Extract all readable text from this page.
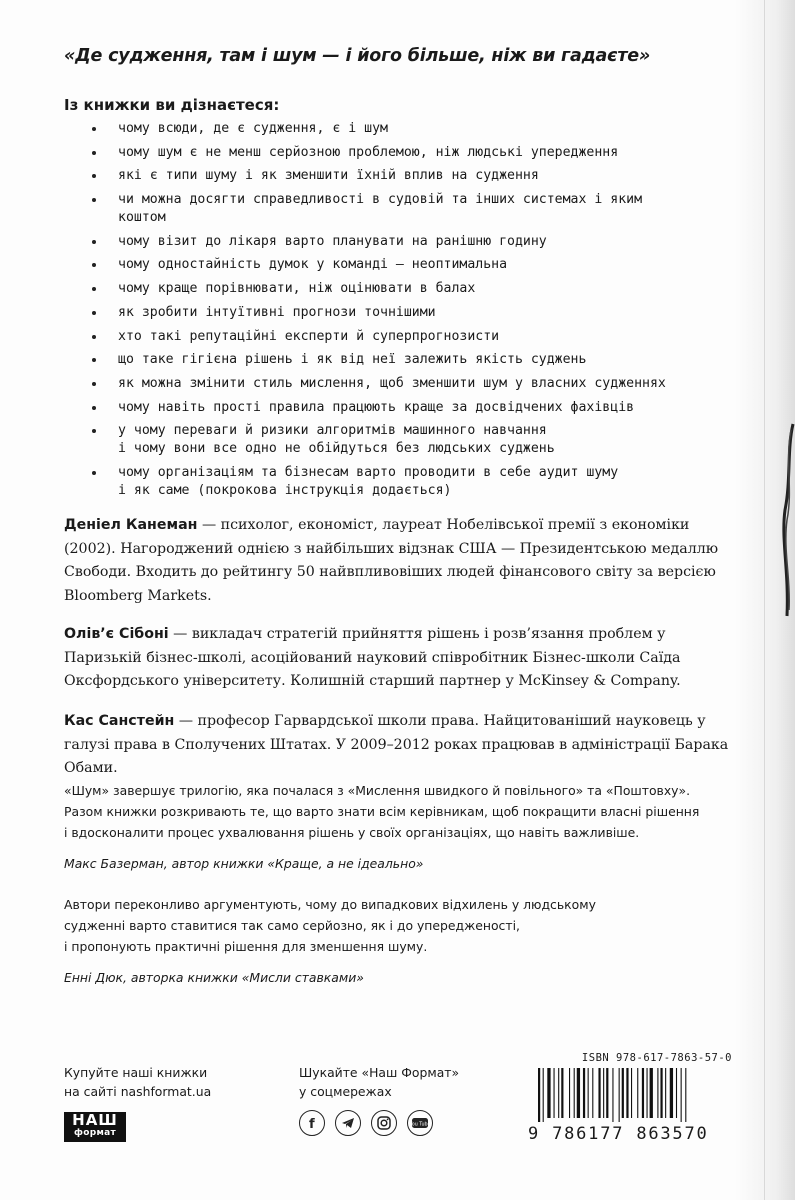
«Де судження, там і шум — і його більше, ніж ви гадаєте»
Із книжки ви дізнаєтеся:
чому всюди, де є судження, є і шум
чому шум є не менш серйозною проблемою, ніж людські упередження
які є типи шуму і як зменшити їхній вплив на судження
чи можна досягти справедливості в судовій та інших системах і яким коштом
чому візит до лікаря варто планувати на ранішню годину
чому одностайність думок у команді — неоптимальна
чому краще порівнювати, ніж оцінювати в балах
як зробити інтуїтивні прогнози точнішими
хто такі репутаційні експерти й суперпрогнозисти
що таке гігієна рішень і як від неї залежить якість суджень
як можна змінити стиль мислення, щоб зменшити шум у власних судженнях
чому навіть прості правила працюють краще за досвідчених фахівців
у чому переваги й ризики алгоритмів машинного навчання
і чому вони все одно не обійдуться без людських суджень
чому організаціям та бізнесам варто проводити в себе аудит шуму
і як саме (покрокова інструкція додається)
Деніел Канеман — психолог, економіст, лауреат Нобелівської премії з економіки (2002). Нагороджений однією з найбільших відзнак США — Президентською медаллю Свободи. Входить до рейтингу 50 найвпливовіших людей фінансового світу за версією Bloomberg Markets.
Олів’є Сібоні — викладач стратегій прийняття рішень і розв’язання проблем у Паризькій бізнес-школі, асоційований науковий співробітник Бізнес-школи Саїда Оксфордського університету. Колишній старший партнер у McKinsey & Company.
Кас Санстейн — професор Гарвардської школи права. Найцитованіший науковець у галузі права в Сполучених Штатах. У 2009–2012 роках працював в адміністрації Барака Обами.
«Шум» завершує трилогію, яка почалася з «Мислення швидкого й повільного» та «Поштовху».
Разом книжки розкривають те, що варто знати всім керівникам, щоб покращити власні рішення
і вдосконалити процес ухвалювання рішень у своїх організаціях, що навіть важливіше.
Макс Базерман, автор книжки «Краще, а не ідеально»
Автори переконливо аргументують, чому до випадкових відхилень у людському
судженні варто ставитися так само серйозно, як і до упередженості,
і пропонують практичні рішення для зменшення шуму.
Енні Дюк, авторка книжки «Мисли ставками»
Купуйте наші книжки
на сайті nashformat.ua
Шукайте «Наш Формат»
у соцмережах
НАШ
формат
f	You Tube
ISBN 978-617-7863-57-0
9 786177 863570
